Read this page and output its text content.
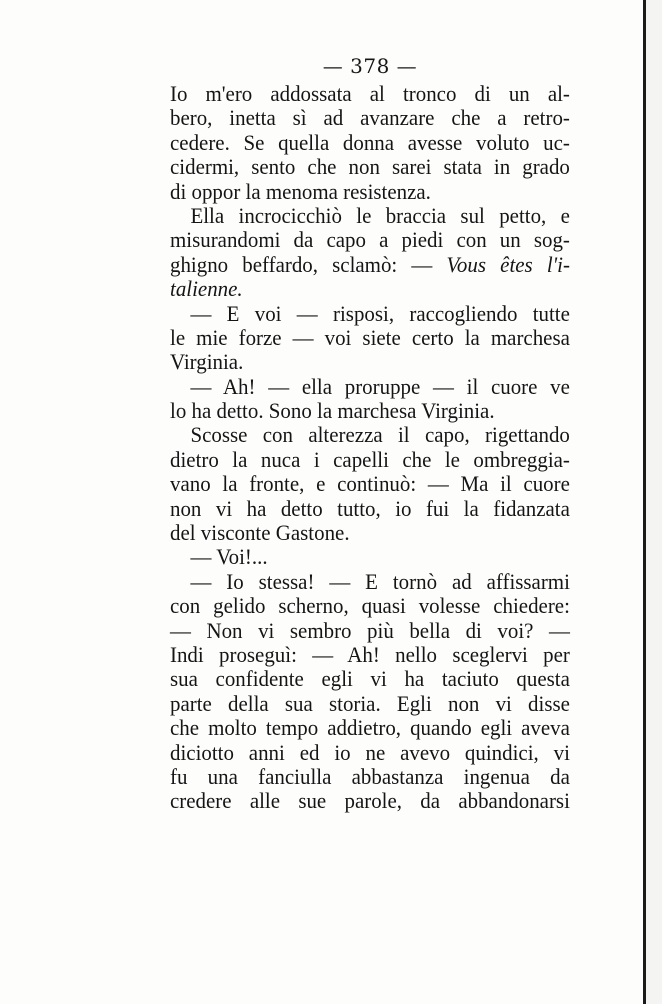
— 378 —
Io m'ero addossata al tronco di un al-
bero, inetta sì ad avanzare che a retro-
cedere. Se quella donna avesse voluto uc-
cidermi, sento che non sarei stata in grado
di oppor la menoma resistenza.
Ella incrocicchiò le braccia sul petto, e
misurandomi da capo a piedi con un sog-
ghigno beffardo, sclamò: — Vous êtes l'i-
talienne.
— E voi — risposi, raccogliendo tutte
le mie forze — voi siete certo la marchesa
Virginia.
— Ah! — ella proruppe — il cuore ve
lo ha detto. Sono la marchesa Virginia.
Scosse con alterezza il capo, rigettando
dietro la nuca i capelli che le ombreggia-
vano la fronte, e continuò: — Ma il cuore
non vi ha detto tutto, io fui la fidanzata
del visconte Gastone.
— Voi!...
— Io stessa! — E tornò ad affissarmi
con gelido scherno, quasi volesse chiedere:
— Non vi sembro più bella di voi? —
Indi proseguì: — Ah! nello sceglervi per
sua confidente egli vi ha taciuto questa
parte della sua storia. Egli non vi disse
che molto tempo addietro, quando egli aveva
diciotto anni ed io ne avevo quindici, vi
fu una fanciulla abbastanza ingenua da
credere alle sue parole, da abbandonarsi
